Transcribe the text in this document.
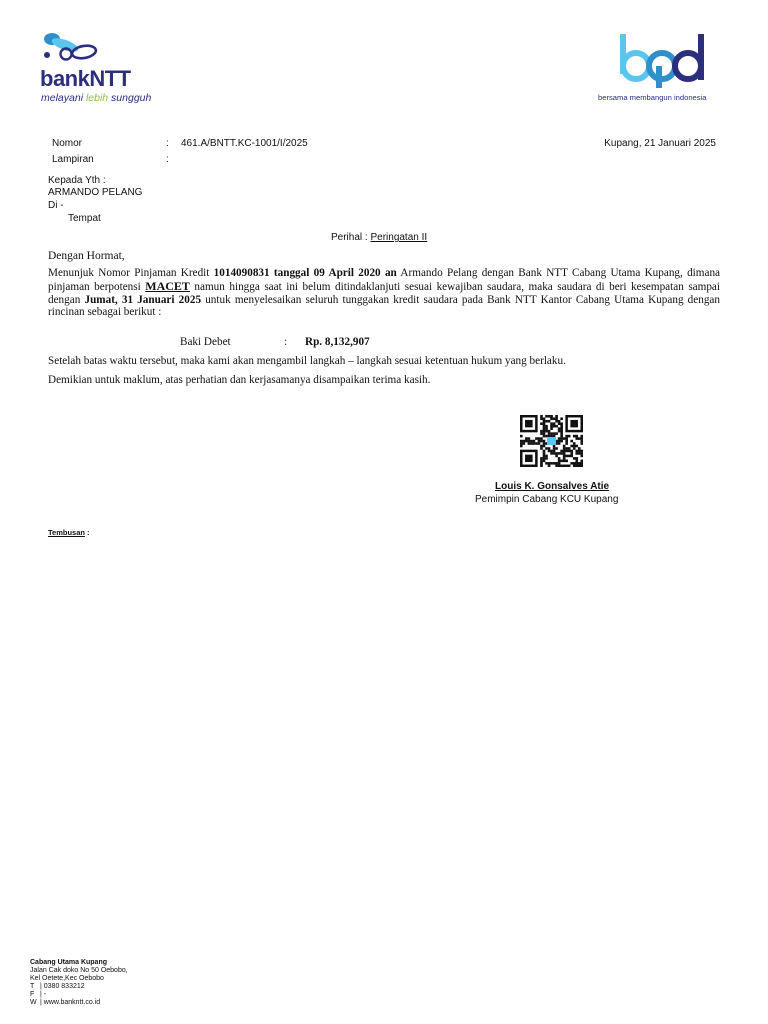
bankNTT
melayani lebih sungguh	bersama membangun indonesia
Nomor	: 461.A/BNTT.KC-1001/I/2025
Lampiran	:
Kupang, 21 Januari 2025
Kepada Yth :
ARMANDO PELANG
Di -
Tempat
Perihal : Peringatan II
Dengan Hormat,
Menunjuk Nomor Pinjaman Kredit 1014090831 tanggal 09 April 2020 an Armando Pelang dengan Bank NTT Cabang Utama Kupang, dimana pinjaman berpotensi MACET namun hingga saat ini belum ditindaklanjuti sesuai kewajiban saudara, maka saudara di beri kesempatan sampai dengan Jumat, 31 Januari 2025 untuk menyelesaikan seluruh tunggakan kredit saudara pada Bank NTT Kantor Cabang Utama Kupang dengan rincinan sebagai berikut :
Baki Debet	: Rp. 8,132,907
Setelah batas waktu tersebut, maka kami akan mengambil langkah – langkah sesuai ketentuan hukum yang berlaku.
Demikian untuk maklum, atas perhatian dan kerjasamanya disampaikan terima kasih.
Louis K. Gonsalves Atie
Pemimpin Cabang KCU Kupang
Tembusan :
Cabang Utama Kupang
Jalan Cak doko No 50 Oebobo,
Kel Oetete,Kec Oebobo
T | 0380 833212
F | -
W | www.bankntt.co.id
